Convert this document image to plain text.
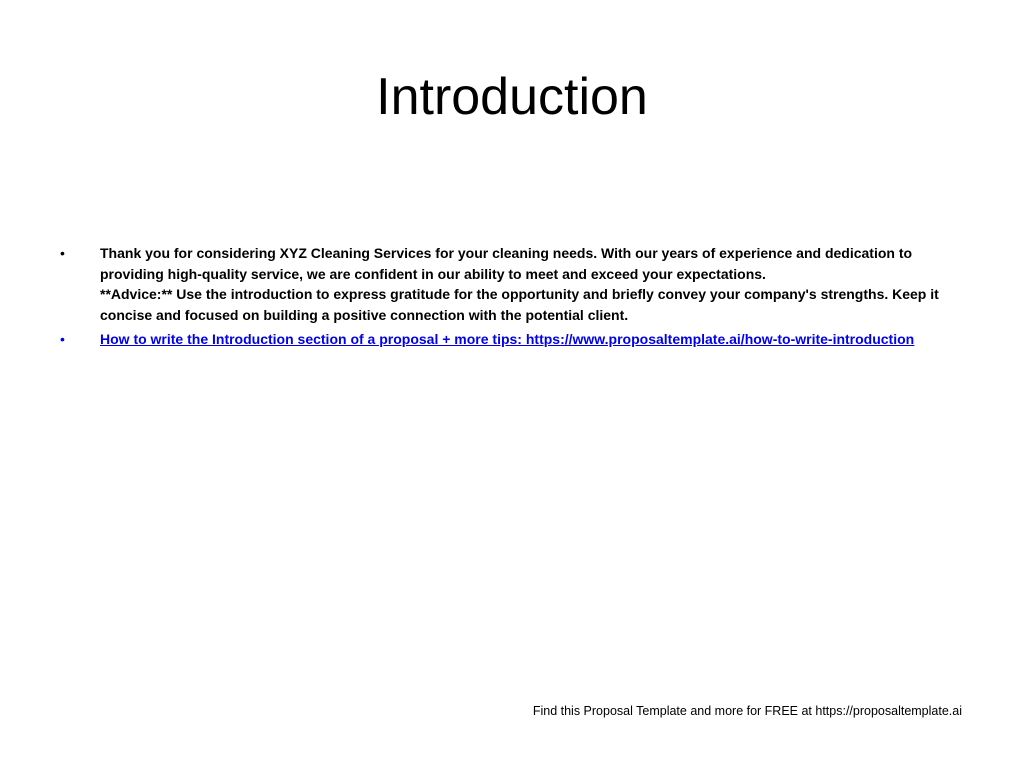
Introduction
•	Thank you for considering XYZ Cleaning Services for your cleaning needs. With our years of experience and dedication to providing high-quality service, we are confident in our ability to meet and exceed your expectations.
**Advice:** Use the introduction to express gratitude for the opportunity and briefly convey your company's strengths. Keep it concise and focused on building a positive connection with the potential client.
•	How to write the Introduction section of a proposal + more tips: https://www.proposaltemplate.ai/how-to-write-introduction
Find this Proposal Template and more for FREE at https://proposaltemplate.ai
